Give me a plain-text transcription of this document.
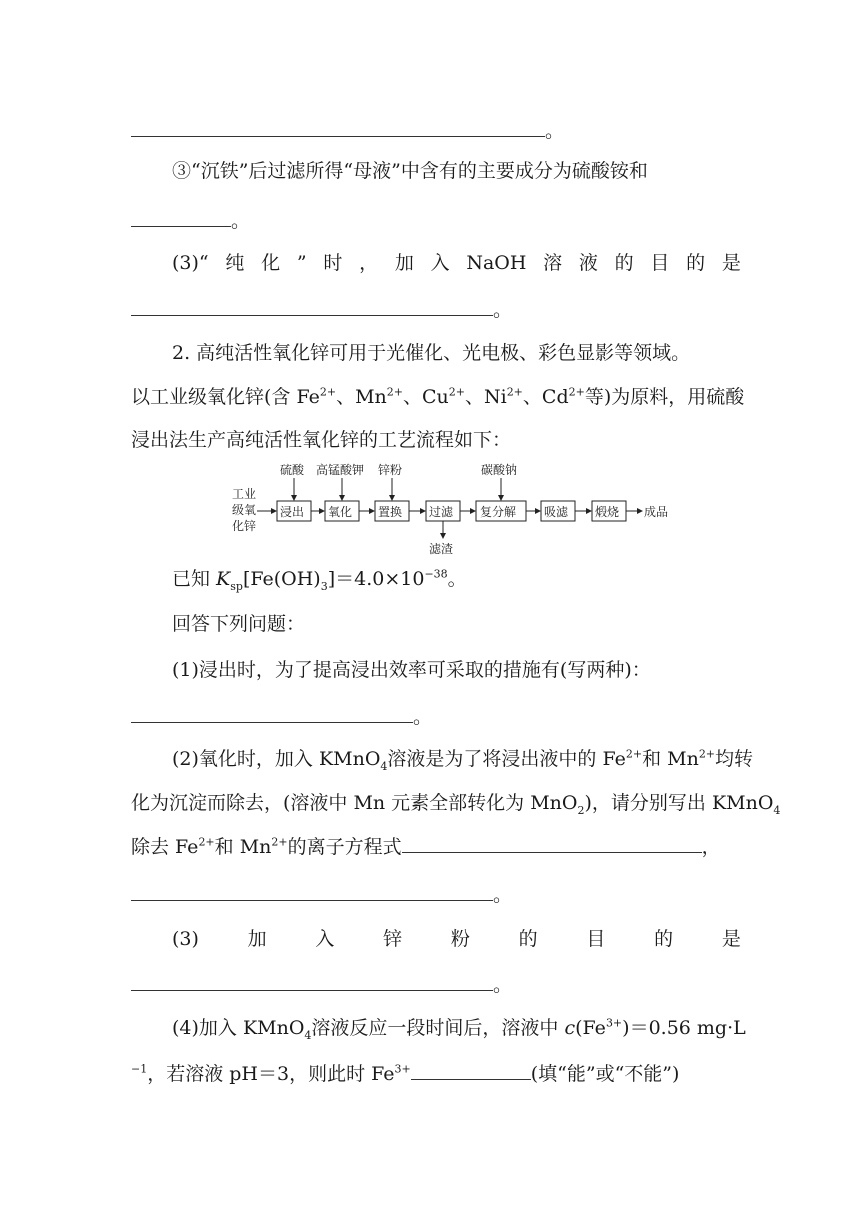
。
③“沉铁”后过滤所得“母液”中含有的主要成分为硫酸铵和
。
(3)“ 纯 化 ” 时 ， 加 入 NaOH 溶 液 的 目 的 是
。
2. 高纯活性氧化锌可用于光催化、光电极、彩色显影等领域。
以工业级氧化锌(含 $Fe^{2+}$、$Mn^{2+}$、$Cu^{2+}$、$Ni^{2+}$、$Cd^{2+}$等)为原料，用硫酸
浸出法生产高纯活性氧化锌的工艺流程如下：
工业
级氧
化锌
浸出 氧化 置换 过滤 复分解 吸滤 煅烧 成品
硫酸 高锰酸钾 锌粉	碳酸钠
滤渣
已知 $K_{sp}[Fe(OH)_3]=4.0\times 10^{-38}$。
回答下列问题：
(1)浸出时，为了提高浸出效率可采取的措施有(写两种)：
。
(2)氧化时，加入 KMnO$_4$溶液是为了将浸出液中的 $Fe^{2+}$和 $Mn^{2+}$均转
化为沉淀而除去，(溶液中 Mn 元素全部转化为 MnO$_2$)，请分别写出 KMnO$_4$
除去 $Fe^{2+}$和 $Mn^{2+}$的离子方程式	，
。
(3)	加	入	锌	粉	的	目	的	是
。
(4)加入 KMnO$_4$溶液反应一段时间后，溶液中 $c(Fe^{3+})=0.56$ mg·L
$^{-1}$，若溶液 pH＝3，则此时 $Fe^{3+}$	(填“能”或“不能”)
